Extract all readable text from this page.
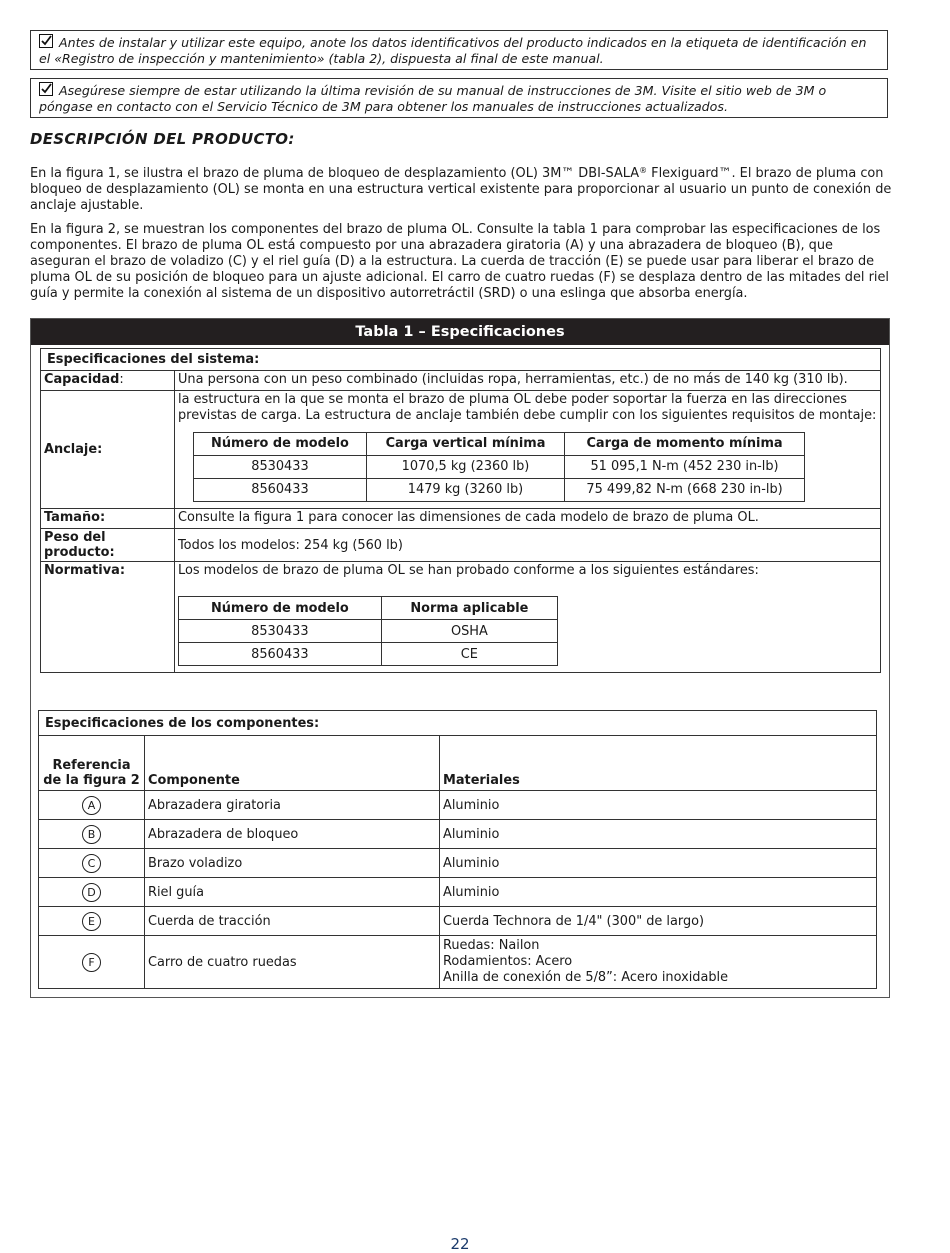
Antes de instalar y utilizar este equipo, anote los datos identificativos del producto indicados en la etiqueta de identificación en el «Registro de inspección y mantenimiento» (tabla 2), dispuesta al final de este manual.
Asegúrese siempre de estar utilizando la última revisión de su manual de instrucciones de 3M. Visite el sitio web de 3M o póngase en contacto con el Servicio Técnico de 3M para obtener los manuales de instrucciones actualizados.
DESCRIPCIÓN DEL PRODUCTO:

En la figura 1, se ilustra el brazo de pluma de bloqueo de desplazamiento (OL) 3M™ DBI-SALA® Flexiguard™. El brazo de pluma con bloqueo de desplazamiento (OL) se monta en una estructura vertical existente para proporcionar al usuario un punto de conexión de anclaje ajustable.

En la figura 2, se muestran los componentes del brazo de pluma OL. Consulte la tabla 1 para comprobar las especificaciones de los componentes. El brazo de pluma OL está compuesto por una abrazadera giratoria (A) y una abrazadera de bloqueo (B), que aseguran el brazo de voladizo (C) y el riel guía (D) a la estructura. La cuerda de tracción (E) se puede usar para liberar el brazo de pluma OL de su posición de bloqueo para un ajuste adicional. El carro de cuatro ruedas (F) se desplaza dentro de las mitades del riel guía y permite la conexión al sistema de un dispositivo autorretráctil (SRD) o una eslinga que absorba energía.

Tabla 1 – Especificaciones
Especificaciones del sistema:
Capacidad:	Una persona con un peso combinado (incluidas ropa, herramientas, etc.) de no más de 140 kg (310 lb).
Anclaje:	
la estructura en la que se monta el brazo de pluma OL debe poder soportar la fuerza en las direcciones previstas de carga. La estructura de anclaje también debe cumplir con los siguientes requisitos de montaje:
Número de modelo	Carga vertical mínima	Carga de momento mínima
8530433	1070,5 kg (2360 lb)	51 095,1 N-m (452 230 in-lb)
8560433	1479 kg (3260 lb)	75 499,82 N-m (668 230 in-lb)

Tamaño:	Consulte la figura 1 para conocer las dimensiones de cada modelo de brazo de pluma OL.
Peso del producto:	Todos los modelos: 254 kg (560 lb)
Normativa:	Los modelos de brazo de pluma OL se han probado conforme a los siguientes estándares:
Número de modelo	Norma aplicable
8530433	OSHA
8560433	CE
Especificaciones de los componentes:		
Referencia de la figura 2	Componente	Materiales
A	Abrazadera giratoria	Aluminio
B	Abrazadera de bloqueo	Aluminio
C	Brazo voladizo	Aluminio
D	Riel guía	Aluminio
E	Cuerda de tracción	Cuerda Technora de 1/4" (300" de largo)
F	Carro de cuatro ruedas	Ruedas: Nailon
Rodamientos: Acero
Anilla de conexión de 5/8”: Acero inoxidable
22
